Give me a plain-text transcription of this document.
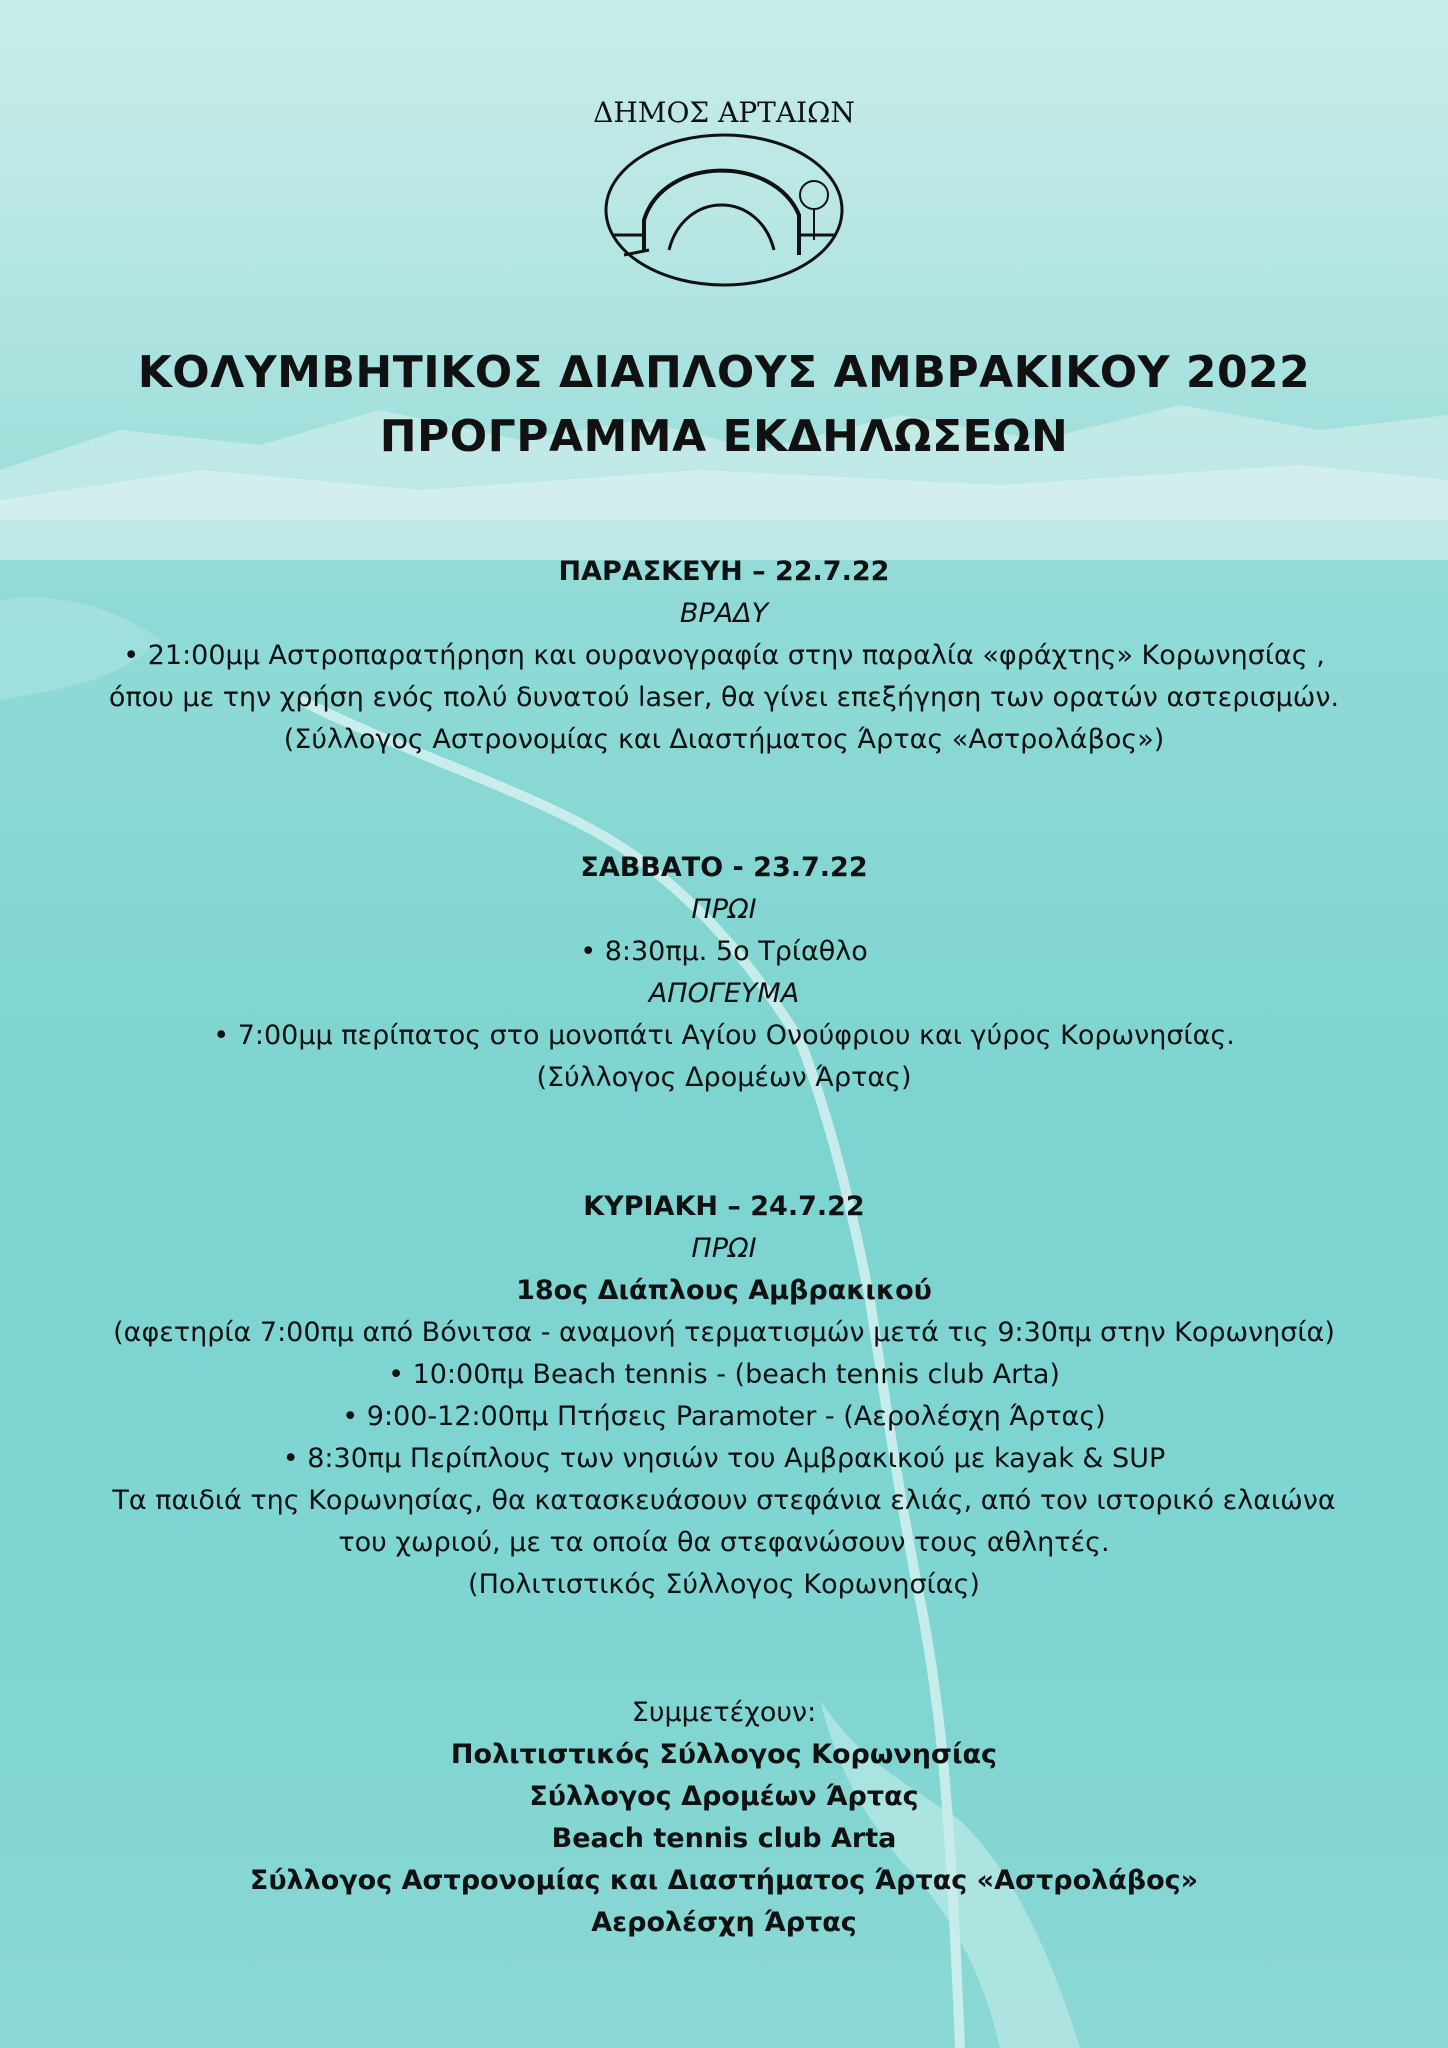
ΔΗΜΟΣ ΑΡΤΑΙΩΝ
ΚΟΛΥΜΒΗΤΙΚΟΣ ΔΙΑΠΛΟΥΣ ΑΜΒΡΑΚΙΚΟΥ 2022
ΠΡΟΓΡΑΜΜΑ ΕΚΔΗΛΩΣΕΩΝ
ΠΑΡΑΣΚΕΥΗ – 22.7.22
ΒΡΑΔΥ
• 21:00μμ Αστροπαρατήρηση και ουρανογραφία στην παραλία «φράχτης» Κορωνησίας ,
όπου με την χρήση ενός πολύ δυνατού laser, θα γίνει επεξήγηση των ορατών αστερισμών.
(Σύλλογος Αστρονομίας και Διαστήματος Άρτας «Αστρολάβος»)
ΣΑΒΒΑΤΟ - 23.7.22
ΠΡΩΙ
• 8:30πμ. 5ο Τρίαθλο
ΑΠΟΓΕΥΜΑ
• 7:00μμ περίπατος στο μονοπάτι Αγίου Ονούφριου και γύρος Κορωνησίας.
(Σύλλογος Δρομέων Άρτας)
ΚΥΡΙΑΚΗ – 24.7.22
ΠΡΩΙ
18ος Διάπλους Αμβρακικού
(αφετηρία 7:00πμ από Βόνιτσα - αναμονή τερματισμών μετά τις 9:30πμ στην Κορωνησία)
• 10:00πμ Beach tennis - (beach tennis club Arta)
• 9:00-12:00πμ Πτήσεις Paramoter - (Αερολέσχη Άρτας)
• 8:30πμ Περίπλους των νησιών του Αμβρακικού με kayak & SUP
Τα παιδιά της Κορωνησίας, θα κατασκευάσουν στεφάνια ελιάς, από τον ιστορικό ελαιώνα
του χωριού, με τα οποία θα στεφανώσουν τους αθλητές.
(Πολιτιστικός Σύλλογος Κορωνησίας)
Συμμετέχουν:
Πολιτιστικός Σύλλογος Κορωνησίας
Σύλλογος Δρομέων Άρτας
Beach tennis club Arta
Σύλλογος Αστρονομίας και Διαστήματος Άρτας «Αστρολάβος»
Αερολέσχη Άρτας
